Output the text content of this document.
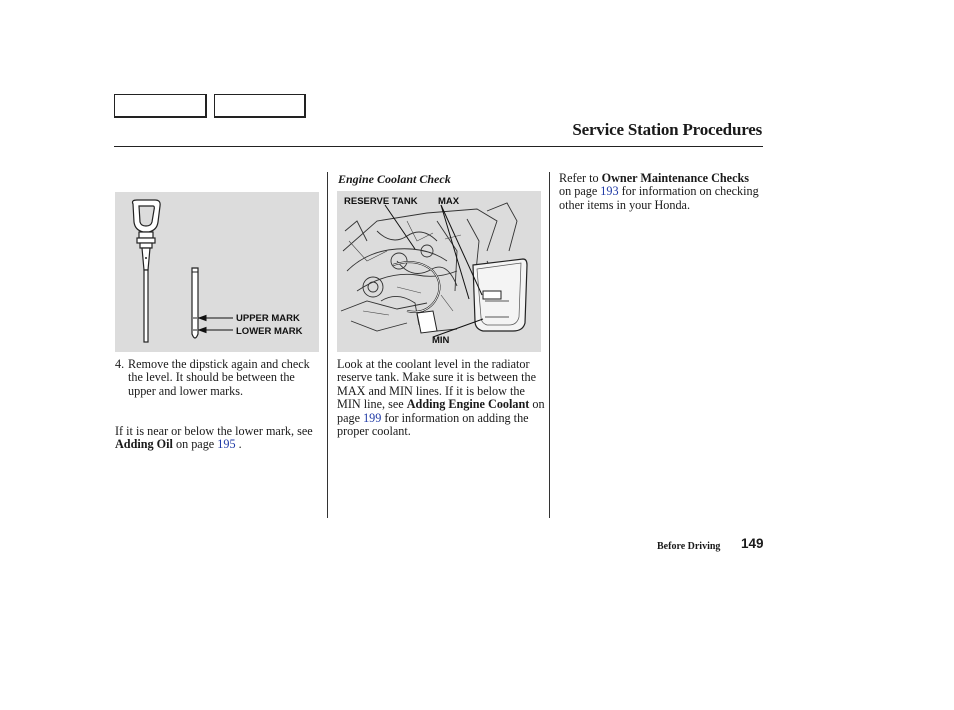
Service Station Procedures
UPPER MARK
LOWER MARK
RESERVE TANK MAX
MIN
4. Remove the dipstick again and check the level. It should be between the upper and lower marks.
If it is near or below the lower mark, see Adding Oil on page 195 .
Engine Coolant Check
Look at the coolant level in the radiator reserve tank. Make sure it is between the MAX and MIN lines. If it is below the MIN line, see Adding Engine Coolant on page 199 for information on adding the proper coolant.
Refer to Owner Maintenance Checks on page 193 for information on checking other items in your Honda.
Before Driving 149
